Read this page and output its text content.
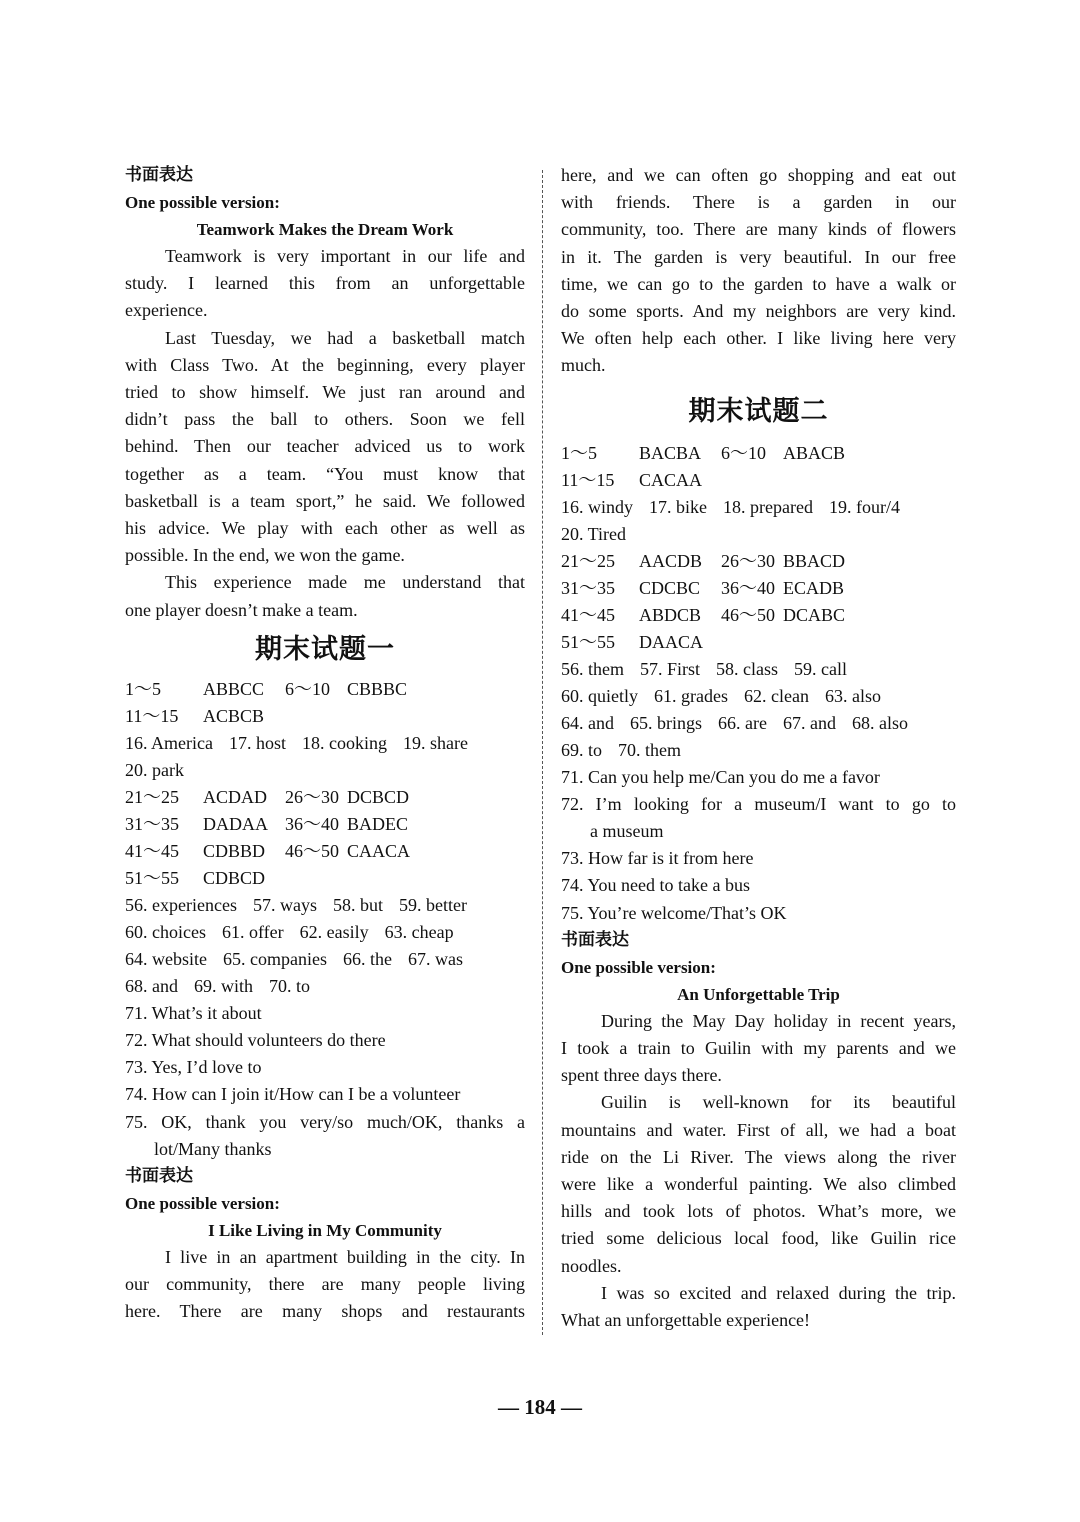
书面表达
One possible version:
Teamwork Makes the Dream Work
Teamwork is very important in our life and
study. I learned this from an unforgettable
experience.
Last Tuesday, we had a basketball match
with Class Two. At the beginning, every player
tried to show himself. We just ran around and
didn’t pass the ball to others. Soon we fell
behind. Then our teacher adviced us to work
together as a team. “You must know that
basketball is a team sport,” he said. We followed
his advice. We play with each other as well as
possible. In the end, we won the game.
This experience made me understand that
one player doesn’t make a team.
期末试题一
1～5	ABBCC	6～10 CBBBC
11～15	ACBCB
16. America 17. host 18. cooking 19. share
20. park
21～25	ACDAD 26～30 DCBCD
31～35	DADAA 36～40 BADEC
41～45	CDBBD	46～50 CAACA
51～55	CDBCD
56. experiences 57. ways 58. but 59. better
60. choices 61. offer 62. easily 63. cheap
64. website 65. companies 66. the 67. was
68. and 69. with 70. to
71. What’s it about
72. What should volunteers do there
73. Yes, I’d love to
74. How can I join it/How can I be a volunteer
75. OK, thank you very/so much/OK, thanks a
lot/Many thanks
书面表达
One possible version:
I Like Living in My Community
I live in an apartment building in the city. In
our community, there are many people living
here. There are many shops and restaurants
here, and we can often go shopping and eat out
with friends. There is a garden in our
community, too. There are many kinds of flowers
in it. The garden is very beautiful. In our free
time, we can go to the garden to have a walk or
do some sports. And my neighbors are very kind.
We often help each other. I like living here very
much.
期末试题二
1～5	BACBA	6～10 ABACB
11～15	CACAA
16. windy 17. bike 18. prepared 19. four/4
20. Tired
21～25	AACDB	26～30 BBACD
31～35	CDCBC	36～40 ECADB
41～45	ABDCB	46～50 DCABC
51～55	DAACA
56. them 57. First 58. class 59. call
60. quietly 61. grades 62. clean 63. also
64. and 65. brings 66. are 67. and 68. also
69. to 70. them
71. Can you help me/Can you do me a favor
72. I’m looking for a museum/I want to go to
a museum
73. How far is it from here
74. You need to take a bus
75. You’re welcome/That’s OK
书面表达
One possible version:
An Unforgettable Trip
During the May Day holiday in recent years,
I took a train to Guilin with my parents and we
spent three days there.
Guilin is well-known for its beautiful
mountains and water. First of all, we had a boat
ride on the Li River. The views along the river
were like a wonderful painting. We also climbed
hills and took lots of photos. What’s more, we
tried some delicious local food, like Guilin rice
noodles.
I was so excited and relaxed during the trip.
What an unforgettable experience!
— 184 —
